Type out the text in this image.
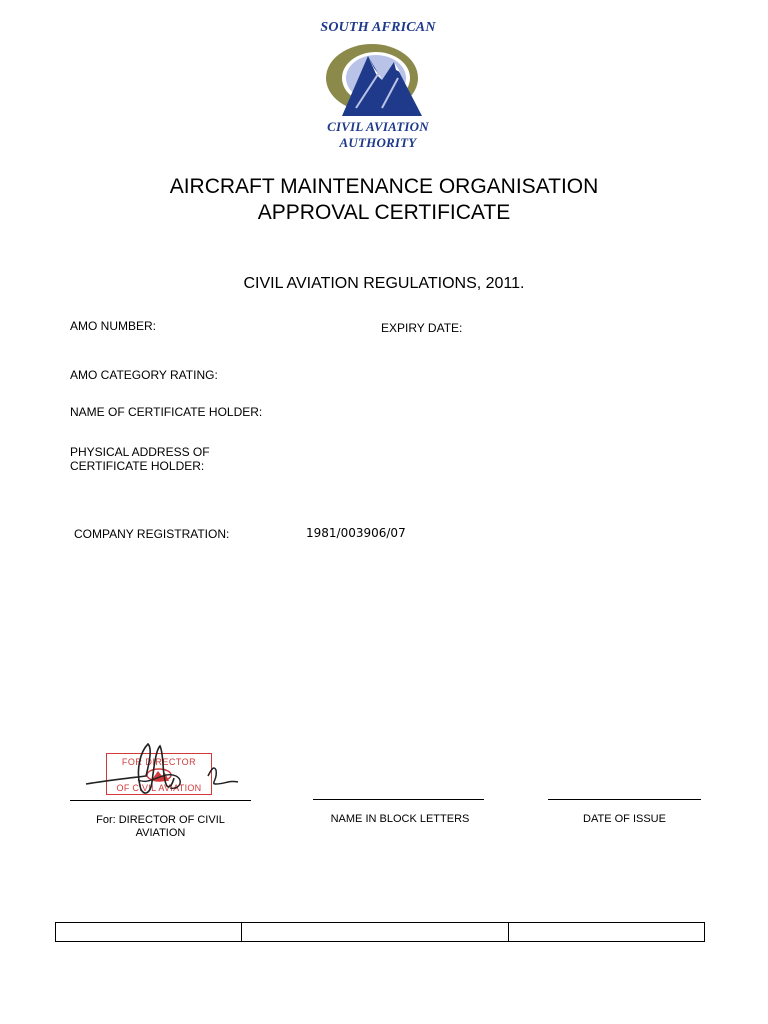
SOUTH AFRICAN
CIVIL AVIATION
AUTHORITY
AIRCRAFT MAINTENANCE ORGANISATION
APPROVAL CERTIFICATE
CIVIL AVIATION REGULATIONS, 2011.
AMO NUMBER:	EXPIRY DATE:
AMO CATEGORY RATING:
NAME OF CERTIFICATE HOLDER:
PHYSICAL ADDRESS OF
CERTIFICATE HOLDER:
COMPANY REGISTRATION:	1981/003906/07
FOR DIRECTOR
OF CIVIL AVIATION
For: DIRECTOR OF CIVIL
AVIATION
NAME IN BLOCK LETTERS	DATE OF ISSUE
